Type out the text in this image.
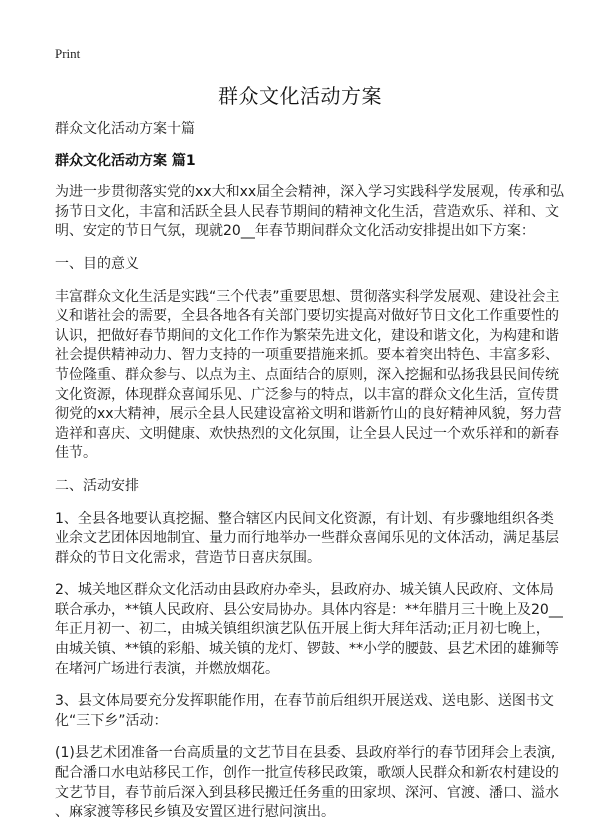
Print
群众文化活动方案

群众文化活动方案十篇

群众文化活动方案 篇1

为进一步贯彻落实党的xx大和xx届全会精神，深入学习实践科学发展观，传承和弘
扬节日文化，丰富和活跃全县人民春节期间的精神文化生活，营造欢乐、祥和、文
明、安定的节日气氛，现就20__年春节期间群众文化活动安排提出如下方案：

一、目的意义

丰富群众文化生活是实践“三个代表”重要思想、贯彻落实科学发展观、建设社会主
义和谐社会的需要，全县各地各有关部门要切实提高对做好节日文化工作重要性的
认识，把做好春节期间的文化工作作为繁荣先进文化，建设和谐文化，为构建和谐
社会提供精神动力、智力支持的一项重要措施来抓。要本着突出特色、丰富多彩、
节俭隆重、群众参与、以点为主、点面结合的原则，深入挖掘和弘扬我县民间传统
文化资源，体现群众喜闻乐见、广泛参与的特点，以丰富的群众文化生活，宣传贯
彻党的xx大精神，展示全县人民建设富裕文明和谐新竹山的良好精神风貌，努力营
造祥和喜庆、文明健康、欢快热烈的文化氛围，让全县人民过一个欢乐祥和的新春
佳节。

二、活动安排

1、全县各地要认真挖掘、整合辖区内民间文化资源，有计划、有步骤地组织各类
业余文艺团体因地制宜、量力而行地举办一些群众喜闻乐见的文体活动，满足基层
群众的节日文化需求，营造节日喜庆氛围。

2、城关地区群众文化活动由县政府办牵头，县政府办、城关镇人民政府、文体局
联合承办，**镇人民政府、县公安局协办。具体内容是：**年腊月三十晚上及20__
年正月初一、初二，由城关镇组织演艺队伍开展上街大拜年活动;正月初七晚上，
由城关镇、**镇的彩船、城关镇的龙灯、锣鼓、**小学的腰鼓、县艺术团的雄狮等
在堵河广场进行表演，并燃放烟花。

3、县文体局要充分发挥职能作用，在春节前后组织开展送戏、送电影、送图书文
化“三下乡”活动：

(1)县艺术团准备一台高质量的文艺节目在县委、县政府举行的春节团拜会上表演,
配合潘口水电站移民工作，创作一批宣传移民政策，歌颂人民群众和新农村建设的
文艺节目，春节前后深入到县移民搬迁任务重的田家坝、深河、官渡、潘口、溢水
、麻家渡等移民乡镇及安置区进行慰问演出。
